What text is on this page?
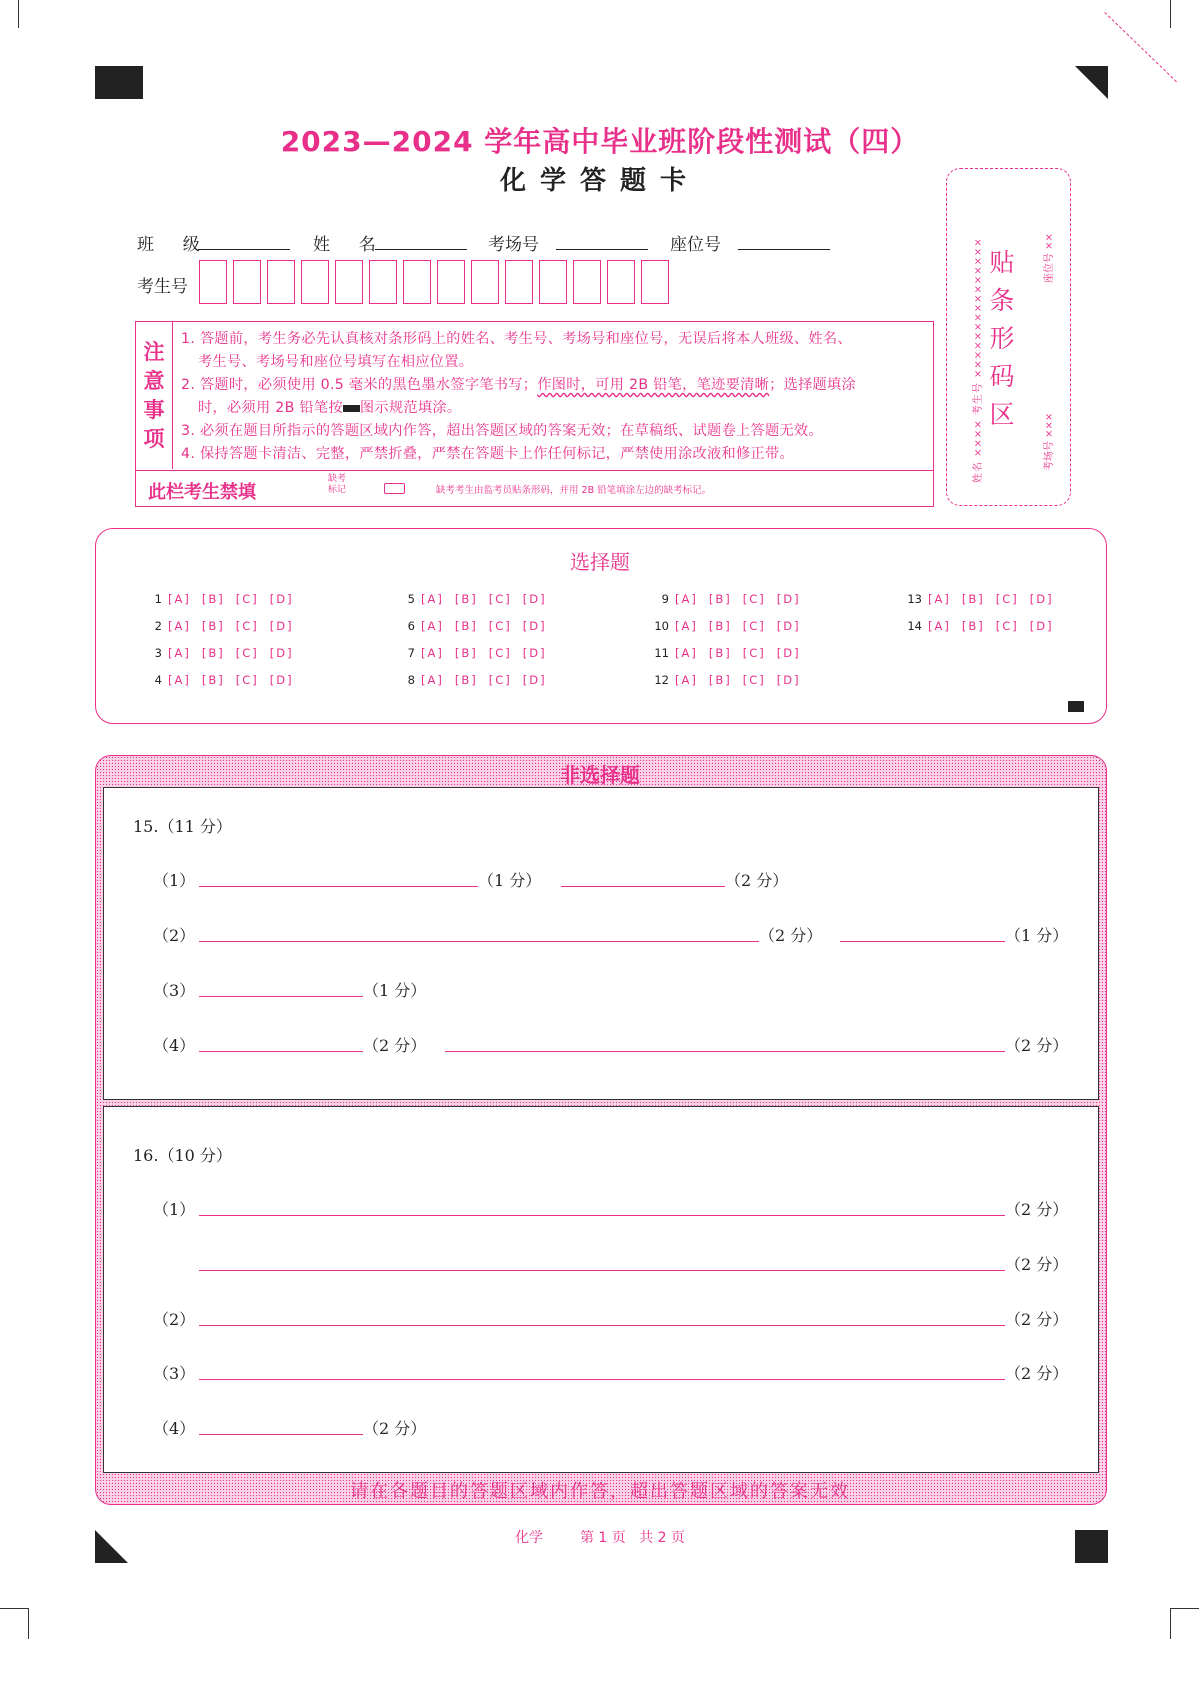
2023—2024 学年高中毕业班阶段性测试（四）
化学答题卡
班  级	姓  名	考场号	座位号
考生号
注
意
事
项
1. 答题前，考生务必先认真核对条形码上的姓名、考生号、考场号和座位号，无误后将本人班级、姓名、
考生号、考场号和座位号填写在相应位置。
2. 答题时，必须使用 0.5 毫米的黑色墨水签字笔书写；作图时，可用 2B 铅笔，笔迹要清晰；选择题填涂
时，必须用 2B 铅笔按 图示规范填涂。
3. 必须在题目所指示的答题区域内作答，超出答题区域的答案无效；在草稿纸、试题卷上答题无效。
4. 保持答题卡清洁、完整，严禁折叠，严禁在答题卡上作任何标记，严禁使用涂改液和修正带。
此栏考生禁填
缺考
标记	缺考考生由监考员贴条形码，并用 2B 铅笔填涂左边的缺考标记。
姓名 ×××× 考生号 ×××××××××××××××	座位号 ××
考场号 ×××
贴
条
形
码
区
选择题
1 [A] [B] [C] [D]
2 [A] [B] [C] [D]
3 [A] [B] [C] [D]
4 [A] [B] [C] [D]
5 [A] [B] [C] [D]
6 [A] [B] [C] [D]
7 [A] [B] [C] [D]
8 [A] [B] [C] [D]
9 [A] [B] [C] [D]
10 [A] [B] [C] [D]
11 [A] [B] [C] [D]
12 [A] [B] [C] [D]
13 [A] [B] [C] [D]
14 [A] [B] [C] [D]
非选择题
15.（11 分）
（1）	（1 分）	（2 分）
（2）	（2 分）	（1 分）
（3）	（1 分）
（4）	（2 分）	（2 分）
16.（10 分）
（1）	（2 分）
（2 分）
（2）	（2 分）
（3）	（2 分）
（4）	（2 分）
请在各题目的答题区域内作答，超出答题区域的答案无效
化学	第 1 页   共 2 页
